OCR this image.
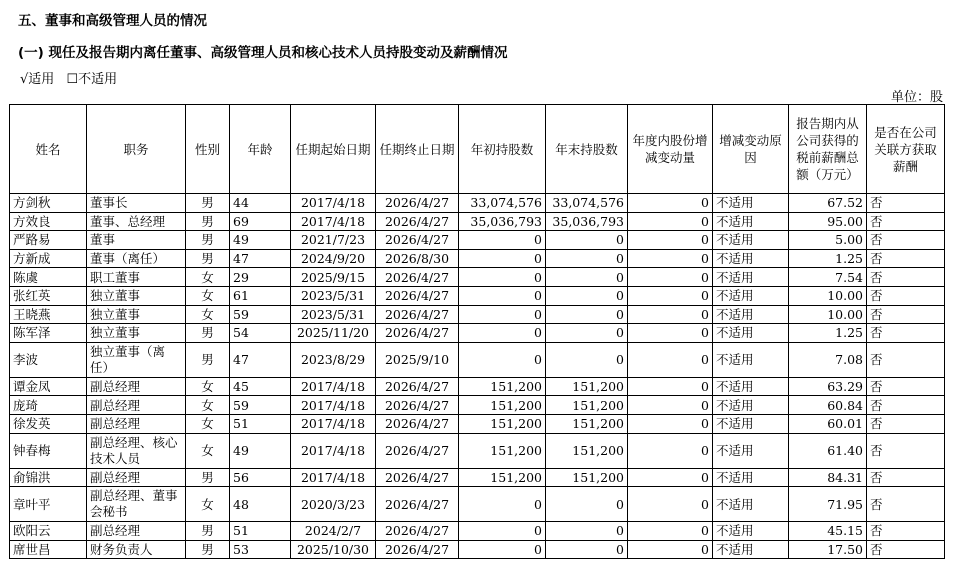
五、董事和高级管理人员的情况
(一) 现任及报告期内离任董事、高级管理人员和核心技术人员持股变动及薪酬情况
√适用 ☐不适用
单位：股
姓名	职务	性别	年龄	任期起始日期	任期终止日期	年初持股数	年末持股数	年度内股份增减变动量	增减变动原因	报告期内从公司获得的税前薪酬总额（万元）	是否在公司关联方获取薪酬
方剑秋	董事长	男	44	2017/4/18	2026/4/27	33,074,576	33,074,576	0	不适用	67.52	否
方效良	董事、总经理	男	69	2017/4/18	2026/4/27	35,036,793	35,036,793	0	不适用	95.00	否
严路易	董事	男	49	2021/7/23	2026/4/27	0	0	0	不适用	5.00	否
方新成	董事（离任）	男	47	2024/9/20	2026/8/30	0	0	0	不适用	1.25	否
陈虞	职工董事	女	29	2025/9/15	2026/4/27	0	0	0	不适用	7.54	否
张红英	独立董事	女	61	2023/5/31	2026/4/27	0	0	0	不适用	10.00	否
王晓燕	独立董事	女	59	2023/5/31	2026/4/27	0	0	0	不适用	10.00	否
陈军泽	独立董事	男	54	2025/11/20	2026/4/27	0	0	0	不适用	1.25	否
李波	独立董事（离任）	男	47	2023/8/29	2025/9/10	0	0	0	不适用	7.08	否
谭金凤	副总经理	女	45	2017/4/18	2026/4/27	151,200	151,200	0	不适用	63.29	否
庞琦	副总经理	女	59	2017/4/18	2026/4/27	151,200	151,200	0	不适用	60.84	否
徐发英	副总经理	女	51	2017/4/18	2026/4/27	151,200	151,200	0	不适用	60.01	否
钟春梅	副总经理、核心技术人员	女	49	2017/4/18	2026/4/27	151,200	151,200	0	不适用	61.40	否
俞锦洪	副总经理	男	56	2017/4/18	2026/4/27	151,200	151,200	0	不适用	84.31	否
章叶平	副总经理、董事会秘书	女	48	2020/3/23	2026/4/27	0	0	0	不适用	71.95	否
欧阳云	副总经理	男	51	2024/2/7	2026/4/27	0	0	0	不适用	45.15	否
席世昌	财务负责人	男	53	2025/10/30	2026/4/27	0	0	0	不适用	17.50	否
